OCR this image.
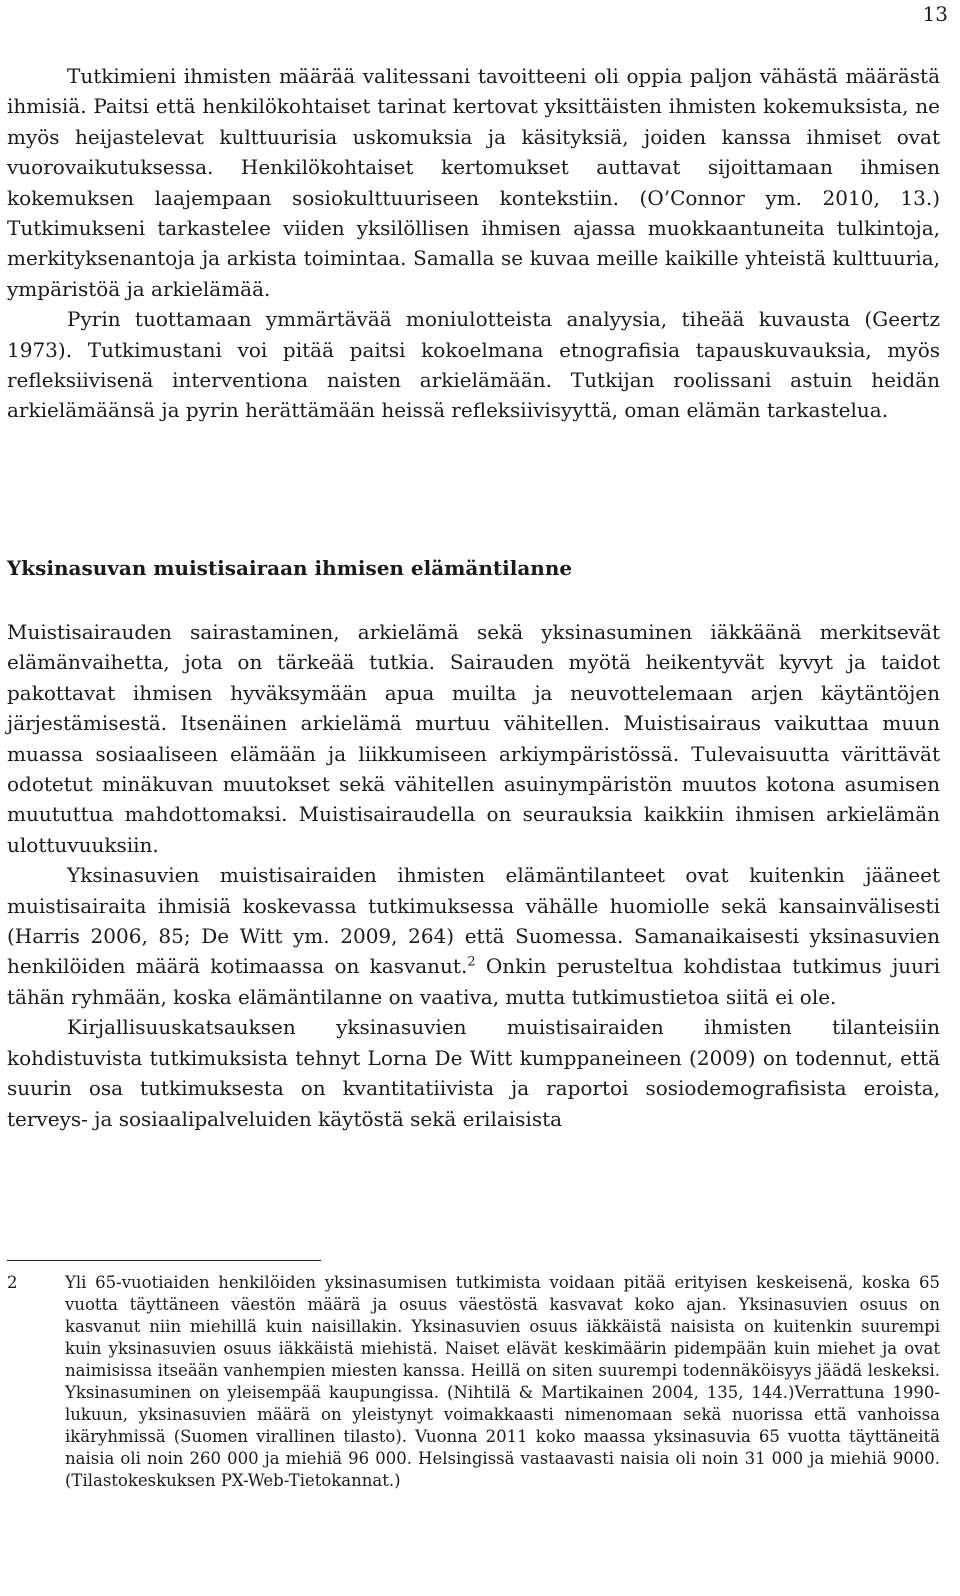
13

Tutkimieni ihmisten määrää valitessani tavoitteeni oli oppia paljon vähästä määrästä ihmisiä. Paitsi että henkilökohtaiset tarinat kertovat yksittäisten ihmisten kokemuksista, ne myös heijastelevat kulttuurisia uskomuksia ja käsityksiä, joiden kanssa ihmiset ovat vuorovaikutuksessa. Henkilökohtaiset kertomukset auttavat sijoittamaan ihmisen kokemuksen laajempaan sosiokulttuuriseen kontekstiin. (O’Connor ym. 2010, 13.) Tutkimukseni tarkastelee viiden yksilöllisen ihmisen ajassa muokkaantuneita tulkintoja, merkityksenantoja ja arkista toimintaa. Samalla se kuvaa meille kaikille yhteistä kulttuuria, ympäristöä ja arkielämää.

Pyrin tuottamaan ymmärtävää moniulotteista analyysia, tiheää kuvausta (Geertz 1973). Tutkimustani voi pitää paitsi kokoelmana etnografisia tapauskuvauksia, myös refleksiivisenä interventiona naisten arkielämään. Tutkijan roolissani astuin heidän arkielämäänsä ja pyrin herättämään heissä refleksiivisyyttä, oman elämän tarkastelua.

Yksinasuvan muistisairaan ihmisen elämäntilanne

Muistisairauden sairastaminen, arkielämä sekä yksinasuminen iäkkäänä merkitsevät elämänvaihetta, jota on tärkeää tutkia. Sairauden myötä heikentyvät kyvyt ja taidot pakottavat ihmisen hyväksymään apua muilta ja neuvottelemaan arjen käytäntöjen järjestämisestä. Itsenäinen arkielämä murtuu vähitellen. Muistisairaus vaikuttaa muun muassa sosiaaliseen elämään ja liikkumiseen arkiympäristössä. Tulevaisuutta värittävät odotetut minäkuvan muutokset sekä vähitellen asuinympäristön muutos kotona asumisen muututtua mahdottomaksi. Muistisairaudella on seurauksia kaikkiin ihmisen arkielämän ulottuvuuksiin.

Yksinasuvien muistisairaiden ihmisten elämäntilanteet ovat kuitenkin jääneet muistisairaita ihmisiä koskevassa tutkimuksessa vähälle huomiolle sekä kansainvälisesti (Harris 2006, 85; De Witt ym. 2009, 264) että Suomessa. Samanaikaisesti yksinasuvien henkilöiden määrä kotimaassa on kasvanut.$^2$ Onkin perusteltua kohdistaa tutkimus juuri tähän ryhmään, koska elämäntilanne on vaativa, mutta tutkimustietoa siitä ei ole.

Kirjallisuuskatsauksen yksinasuvien muistisairaiden ihmisten tilanteisiin kohdistuvista tutkimuksista tehnyt Lorna De Witt kumppaneineen (2009) on todennut, että suurin osa tutkimuksesta on kvantitatiivista ja raportoi sosiodemografisista eroista, terveys- ja sosiaalipalveluiden käytöstä sekä erilaisista

2	Yli 65-vuotiaiden henkilöiden yksinasumisen tutkimista voidaan pitää erityisen keskeisenä, koska 65 vuotta täyttäneen väestön määrä ja osuus väestöstä kasvavat koko ajan. Yksinasuvien osuus on kasvanut niin miehillä kuin naisillakin. Yksinasuvien osuus iäkkäistä naisista on kuitenkin suurempi kuin yksinasuvien osuus iäkkäistä miehistä. Naiset elävät keskimäärin pidempään kuin miehet ja ovat naimisissa itseään vanhempien miesten kanssa. Heillä on siten suurempi todennäköisyys jäädä leskeksi. Yksinasuminen on yleisempää kaupungissa. (Nihtilä & Martikainen 2004, 135, 144.)Verrattuna 1990-lukuun, yksinasuvien määrä on yleistynyt voimakkaasti nimenomaan sekä nuorissa että vanhoissa ikäryhmissä (Suomen virallinen tilasto). Vuonna 2011 koko maassa yksinasuvia 65 vuotta täyttäneitä naisia oli noin 260 000 ja miehiä 96 000. Helsingissä vastaavasti naisia oli noin 31 000 ja miehiä 9000. (Tilastokeskuksen PX-Web-Tietokannat.)
